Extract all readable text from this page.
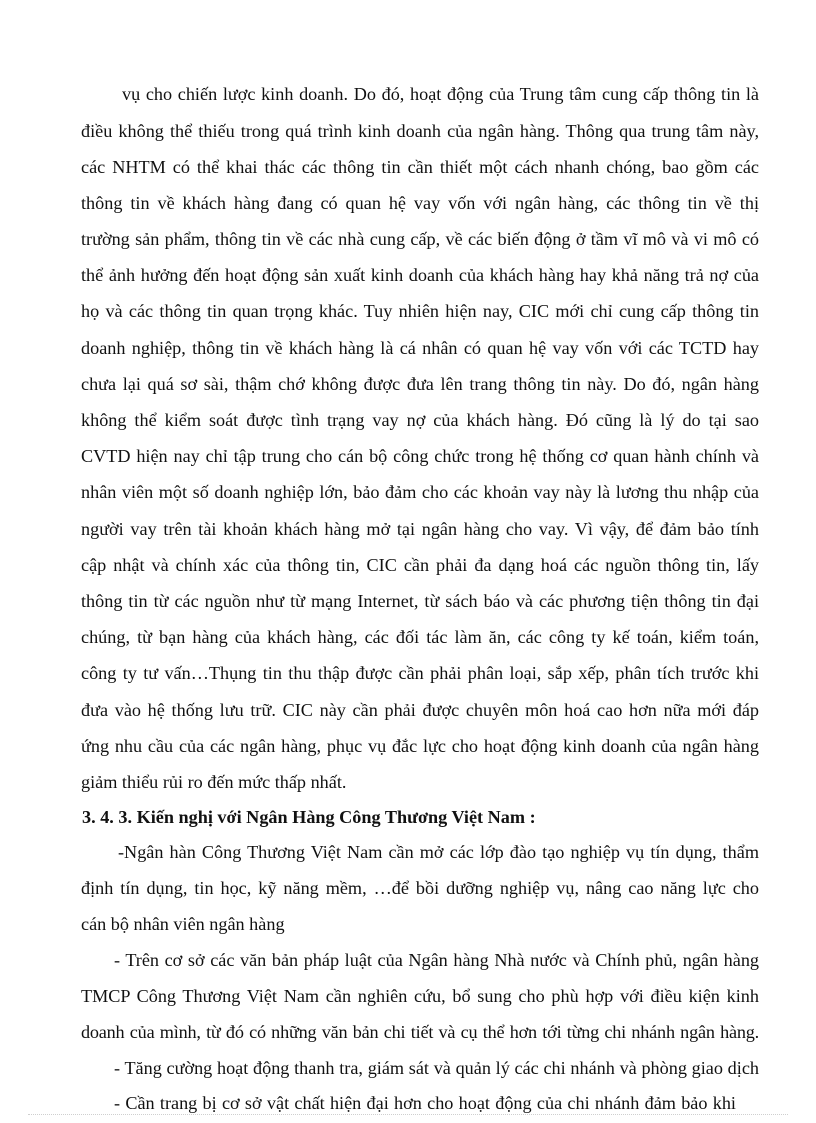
vụ cho chiến lược kinh doanh. Do đó, hoạt động của Trung tâm cung cấp thông tin là

điều không thể thiếu trong quá trình kinh doanh của ngân hàng. Thông qua trung tâm này,

các NHTM có thể khai thác các thông tin cần thiết một cách nhanh chóng, bao gồm các

thông tin về khách hàng đang có quan hệ vay vốn với ngân hàng, các thông tin về thị

trường sản phẩm, thông tin về các nhà cung cấp, về các biến động ở tầm vĩ mô và vi mô có

thể ảnh hưởng đến hoạt động sản xuất kinh doanh của khách hàng hay khả năng trả nợ của

họ và các thông tin quan trọng khác. Tuy nhiên hiện nay, CIC mới chỉ cung cấp thông tin

doanh nghiệp, thông tin về khách hàng là cá nhân có quan hệ vay vốn với các TCTD hay

chưa lại quá sơ sài, thậm chớ không được đưa lên trang thông tin này. Do đó, ngân hàng

không thể kiểm soát được tình trạng vay nợ của khách hàng. Đó cũng là lý do tại sao

CVTD hiện nay chỉ tập trung cho cán bộ công chức trong hệ thống cơ quan hành chính và

nhân viên một số doanh nghiệp lớn, bảo đảm cho các khoản vay này là lương thu nhập của

người vay trên tài khoản khách hàng mở tại ngân hàng cho vay. Vì vậy, để đảm bảo tính

cập nhật và chính xác của thông tin, CIC cần phải đa dạng hoá các nguồn thông tin, lấy

thông tin từ các nguồn như từ mạng Internet, từ sách báo và các phương tiện thông tin đại

chúng, từ bạn hàng của khách hàng, các đối tác làm ăn, các công ty kế toán, kiểm toán,

công ty tư vấn…Thụng tin thu thập được cần phải phân loại, sắp xếp, phân tích trước khi

đưa vào hệ thống lưu trữ. CIC này cần phải được chuyên môn hoá cao hơn nữa mới đáp

ứng nhu cầu của các ngân hàng, phục vụ đắc lực cho hoạt động kinh doanh của ngân hàng

giảm thiểu rủi ro đến mức thấp nhất.

3. 4. 3. Kiến nghị với Ngân Hàng Công Thương Việt Nam :

-Ngân hàn Công Thương Việt Nam cần mở các lớp đào tạo nghiệp vụ tín dụng, thẩm

định tín dụng, tin học, kỹ năng mềm, …để bồi dưỡng nghiệp vụ, nâng cao năng lực cho

cán bộ nhân viên ngân hàng

- Trên cơ sở các văn bản pháp luật của Ngân hàng Nhà nước và Chính phủ, ngân hàng

TMCP Công Thương Việt Nam cần nghiên cứu, bổ sung cho phù hợp với điều kiện kinh

doanh của mình, từ đó có những văn bản chi tiết và cụ thể hơn tới từng chi nhánh ngân hàng.

- Tăng cường hoạt động thanh tra, giám sát và quản lý các chi nhánh và phòng giao dịch

- Cần trang bị cơ sở vật chất hiện đại hơn cho hoạt động của chi nhánh đảm bảo khi
